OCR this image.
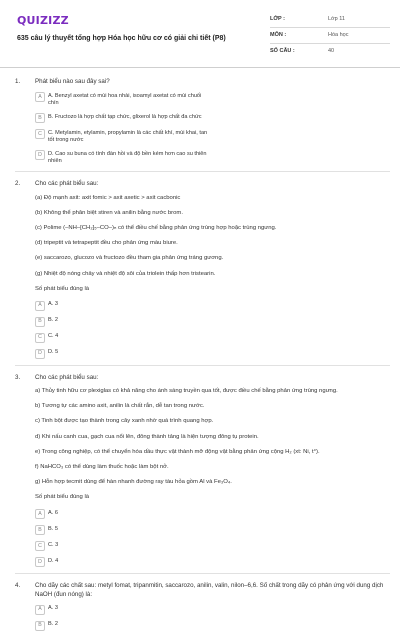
QUIZIZZ
635 câu lý thuyết tổng hợp Hóa học hữu cơ có giải chi tiết (P8)
LỚP :	Lớp 11
MÔN :	Hóa học
SỐ CÂU :	40
1.	Phát biểu nào sau đây sai?
A	A. Benzyl axetat có mùi hoa nhài, isoamyl axetat có mùi chuối chín
B	B. Fructozo là hợp chất tạp chức, glixerol là hợp chất đa chức
C	C. Metylamin, etylamin, propylamin là các chất khí, mùi khai, tan tốt trong nước
D	D. Cao su buna có tính đàn hồi và độ bền kém hơn cao su thiên nhiên
2.	Cho các phát biểu sau:
(a) Độ mạnh axit: axit fomic > axit axetic > axit cacbonic
(b) Không thể phân biệt stiren và anilin bằng nước brom.
(c) Polime (–NH–[CH₂]₅–CO–)ₙ có thể điều chế bằng phản ứng trùng hợp hoặc trùng ngưng.
(d) tripeptit và tetrapeptit đều cho phản ứng màu biure.
(e) saccarozo, glucozo và fructozo đều tham gia phản ứng tráng gương.
(g) Nhiệt độ nóng chảy và nhiệt độ sôi của triolein thấp hơn tristearin.
Số phát biểu đúng là
A	A. 3
B	B. 2
C	C. 4
D	D. 5
3.	Cho các phát biểu sau:
a) Thủy tinh hữu cơ plexiglas có khả năng cho ánh sáng truyền qua tốt, được điều chế bằng phản ứng trùng ngưng.
b) Tương tự các amino axit, anilin là chất rắn, dễ tan trong nước.
c) Tinh bột được tạo thành trong cây xanh nhờ quá trình quang hợp.
d) Khi nấu canh cua, gạch cua nổi lên, đông thành tảng là hiện tượng đông tụ protein.
e) Trong công nghiệp, có thể chuyển hóa dầu thực vật thành mỡ động vật bằng phản ứng cộng H₂ (xt: Ni, t°).
f) NaHCO₃ có thể dùng làm thuốc hoặc làm bột nở.
g) Hỗn hợp tecmit dùng để hàn nhanh đường ray tàu hỏa gồm Al và Fe₃O₄.
Số phát biểu đúng là
A	A. 6
B	B. 5
C	C. 3
D	D. 4
4.	Cho dãy các chất sau: metyl fomat, tripanmitin, saccarozo, anilin, valin, nilon–6,6. Số chất trong dãy có phản ứng với dung dịch NaOH (đun nóng) là:
A	A. 3
B	B. 2
